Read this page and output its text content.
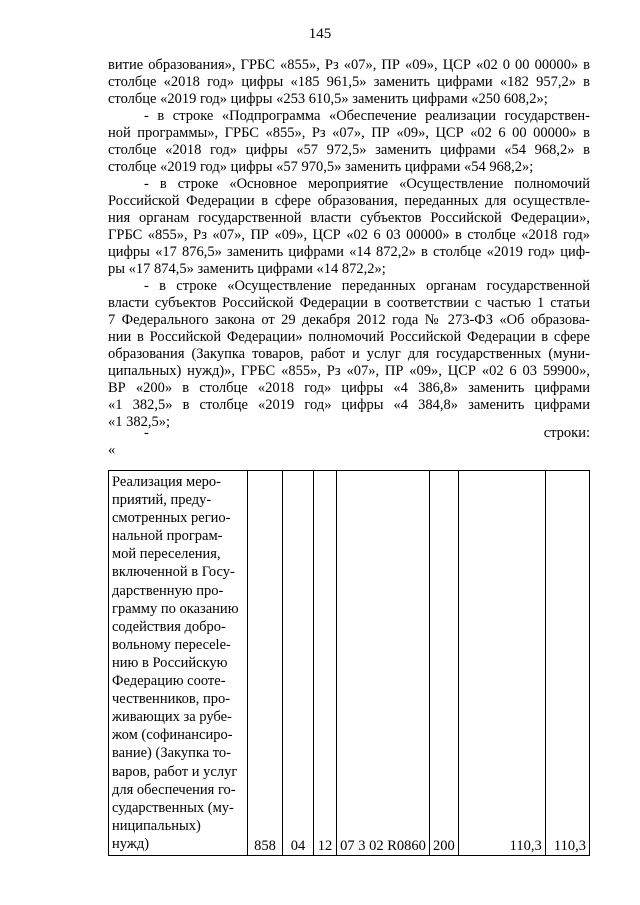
145
витие образования», ГРБС «855», Рз «07», ПР «09», ЦСР «02 0 00 00000» в
столбце «2018 год» цифры «185 961,5» заменить цифрами «182 957,2» в
столбце «2019 год» цифры «253 610,5» заменить цифрами «250 608,2»;
- в строке «Подпрограмма «Обеспечение реализации государствен-
ной программы», ГРБС «855», Рз «07», ПР «09», ЦСР «02 6 00 00000» в
столбце «2018 год» цифры «57 972,5» заменить цифрами «54 968,2» в
столбце «2019 год» цифры «57 970,5» заменить цифрами «54 968,2»;
- в строке «Основное мероприятие «Осуществление полномочий
Российской Федерации в сфере образования, переданных для осуществле-
ния органам государственной власти субъектов Российской Федерации»,
ГРБС «855», Рз «07», ПР «09», ЦСР «02 6 03 00000» в столбце «2018 год»
цифры «17 876,5» заменить цифрами «14 872,2» в столбце «2019 год» циф-
ры «17 874,5» заменить цифрами «14 872,2»;
- в строке «Осуществление переданных органам государственной
власти субъектов Российской Федерации в соответствии с частью 1 статьи
7 Федерального закона от 29 декабря 2012 года № 273-ФЗ «Об образова-
нии в Российской Федерации» полномочий Российской Федерации в сфере
образования (Закупка товаров, работ и услуг для государственных (муни-
ципальных) нужд)», ГРБС «855», Рз «07», ПР «09», ЦСР «02 6 03 59900»,
ВР «200» в столбце «2018 год» цифры «4 386,8» заменить цифрами
«1 382,5» в столбце «2019 год» цифры «4 384,8» заменить цифрами
«1 382,5»;
- строки:
«
Реализация меро-
приятий, преду-
смотренных регио-
нальной програм-
мой переселения,
включенной в Госу-
дарственную про-
грамму по оказанию
содействия добро-
вольному пересele-
нию в Российскую
Федерацию соотe-
чественников, про-
живающих за рубе-
жом (софинансиро-
вание) (Закупка то-
варов, работ и услуг
для обеспечения го-
сударственных (му-
ниципальных)
нужд)	858	04	12	07 3 02 R0860	200	110,3	110,3
